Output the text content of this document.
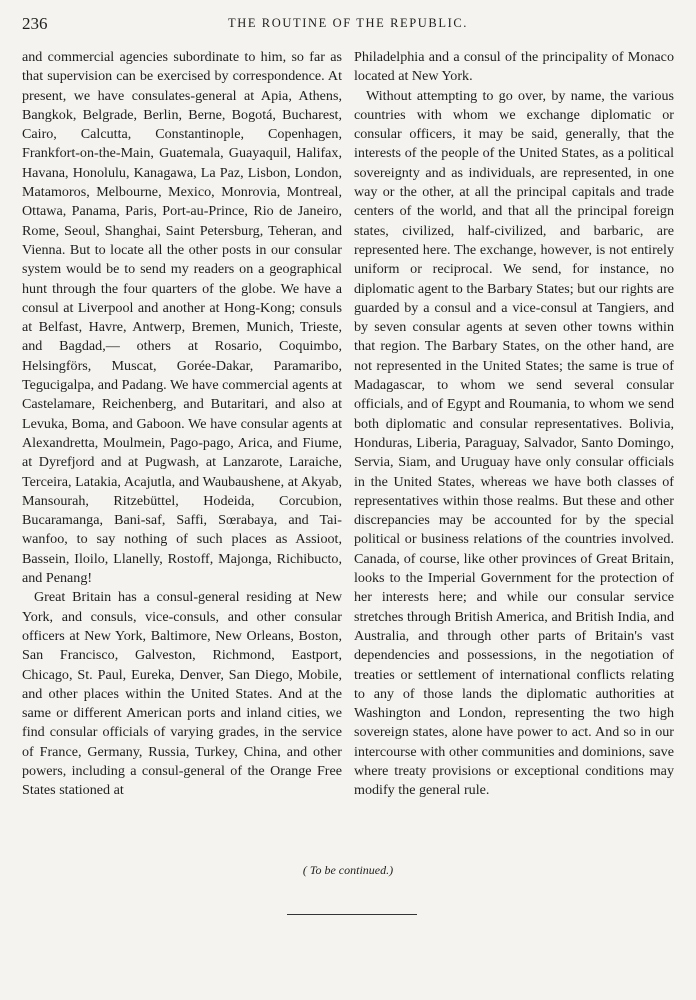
236	THE ROUTINE OF THE REPUBLIC.

and commercial agencies subordinate to him, so far as that supervision can be exercised by correspondence. At present, we have consulates-general at Apia, Athens, Bangkok, Belgrade, Berlin, Berne, Bogotá, Bucharest, Cairo, Calcutta, Constantinople, Copenhagen, Frankfort-on-the-Main, Guatemala, Guayaquil, Halifax, Havana, Honolulu, Kanagawa, La Paz, Lisbon, London, Matamoros, Melbourne, Mexico, Monrovia, Montreal, Ottawa, Panama, Paris, Port-au-Prince, Rio de Janeiro, Rome, Seoul, Shanghai, Saint Petersburg, Teheran, and Vienna. But to locate all the other posts in our consular system would be to send my readers on a geographical hunt through the four quarters of the globe. We have a consul at Liverpool and another at Hong-Kong; consuls at Belfast, Havre, Antwerp, Bremen, Munich, Trieste, and Bagdad,— others at Rosario, Coquimbo, Helsingförs, Muscat, Gorée-Dakar, Paramaribo, Tegucigalpa, and Padang. We have commercial agents at Castelamare, Reichenberg, and Butaritari, and also at Levuka, Boma, and Gaboon. We have consular agents at Alexandretta, Moulmein, Pago-pago, Arica, and Fiume, at Dyrefjord and at Pugwash, at Lanzarote, Laraiche, Terceira, Latakia, Acajutla, and Waubaushene, at Akyab, Mansourah, Ritzebüttel, Hodeida, Corcubion, Bucaramanga, Bani-saf, Saffi, Sœrabaya, and Tai-wanfoo, to say nothing of such places as Assioot, Bassein, Iloilo, Llanelly, Rostoff, Majonga, Richibucto, and Penang!

Great Britain has a consul-general residing at New York, and consuls, vice-consuls, and other consular officers at New York, Baltimore, New Orleans, Boston, San Francisco, Galveston, Richmond, Eastport, Chicago, St. Paul, Eureka, Denver, San Diego, Mobile, and other places within the United States. And at the same or different American ports and inland cities, we find consular officials of varying grades, in the service of France, Germany, Russia, Turkey, China, and other powers, including a consul-general of the Orange Free States stationed at

Philadelphia and a consul of the principality of Monaco located at New York.

Without attempting to go over, by name, the various countries with whom we exchange diplomatic or consular officers, it may be said, generally, that the interests of the people of the United States, as a political sovereignty and as individuals, are represented, in one way or the other, at all the principal capitals and trade centers of the world, and that all the principal foreign states, civilized, half-civilized, and barbaric, are represented here. The exchange, however, is not entirely uniform or reciprocal. We send, for instance, no diplomatic agent to the Barbary States; but our rights are guarded by a consul and a vice-consul at Tangiers, and by seven consular agents at seven other towns within that region. The Barbary States, on the other hand, are not represented in the United States; the same is true of Madagascar, to whom we send several consular officials, and of Egypt and Roumania, to whom we send both diplomatic and consular representatives. Bolivia, Honduras, Liberia, Paraguay, Salvador, Santo Domingo, Servia, Siam, and Uruguay have only consular officials in the United States, whereas we have both classes of representatives within those realms. But these and other discrepancies may be accounted for by the special political or business relations of the countries involved. Canada, of course, like other provinces of Great Britain, looks to the Imperial Government for the protection of her interests here; and while our consular service stretches through British America, and British India, and Australia, and through other parts of Britain's vast dependencies and possessions, in the negotiation of treaties or settlement of international conflicts relating to any of those lands the diplomatic authorities at Washington and London, representing the two high sovereign states, alone have power to act. And so in our intercourse with other communities and dominions, save where treaty provisions or exceptional conditions may modify the general rule.

( To be continued.)
